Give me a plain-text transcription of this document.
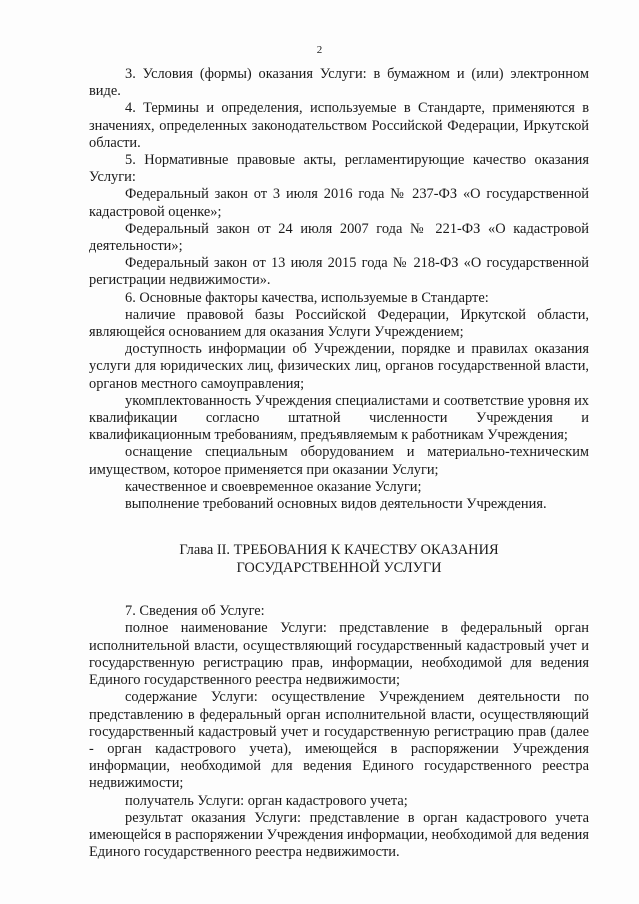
2

3. Условия (формы) оказания Услуги: в бумажном и (или) электронном виде.

4. Термины и определения, используемые в Стандарте, применяются в значениях, определенных законодательством Российской Федерации, Иркутской области.

5. Нормативные правовые акты, регламентирующие качество оказания Услуги:

Федеральный закон от 3 июля 2016 года № 237-ФЗ «О государственной кадастровой оценке»;

Федеральный закон от 24 июля 2007 года № 221-ФЗ «О кадастровой деятельности»;

Федеральный закон от 13 июля 2015 года № 218-ФЗ «О государственной регистрации недвижимости».

6. Основные факторы качества, используемые в Стандарте:

наличие правовой базы Российской Федерации, Иркутской области, являющейся основанием для оказания Услуги Учреждением;

доступность информации об Учреждении, порядке и правилах оказания услуги для юридических лиц, физических лиц, органов государственной власти, органов местного самоуправления;

укомплектованность Учреждения специалистами и соответствие уровня их квалификации согласно штатной численности Учреждения и квалификационным требованиям, предъявляемым к работникам Учреждения;

оснащение специальным оборудованием и материально-техническим имуществом, которое применяется при оказании Услуги;

качественное и своевременное оказание Услуги;

выполнение требований основных видов деятельности Учреждения.

Глава II. ТРЕБОВАНИЯ К КАЧЕСТВУ ОКАЗАНИЯ
ГОСУДАРСТВЕННОЙ УСЛУГИ

7. Сведения об Услуге:

полное наименование Услуги: представление в федеральный орган исполнительной власти, осуществляющий государственный кадастровый учет и государственную регистрацию прав, информации, необходимой для ведения Единого государственного реестра недвижимости;

содержание Услуги: осуществление Учреждением деятельности по представлению в федеральный орган исполнительной власти, осуществляющий государственный кадастровый учет и государственную регистрацию прав (далее - орган кадастрового учета), имеющейся в распоряжении Учреждения информации, необходимой для ведения Единого государственного реестра недвижимости;

получатель Услуги: орган кадастрового учета;

результат оказания Услуги: представление в орган кадастрового учета имеющейся в распоряжении Учреждения информации, необходимой для ведения Единого государственного реестра недвижимости.
